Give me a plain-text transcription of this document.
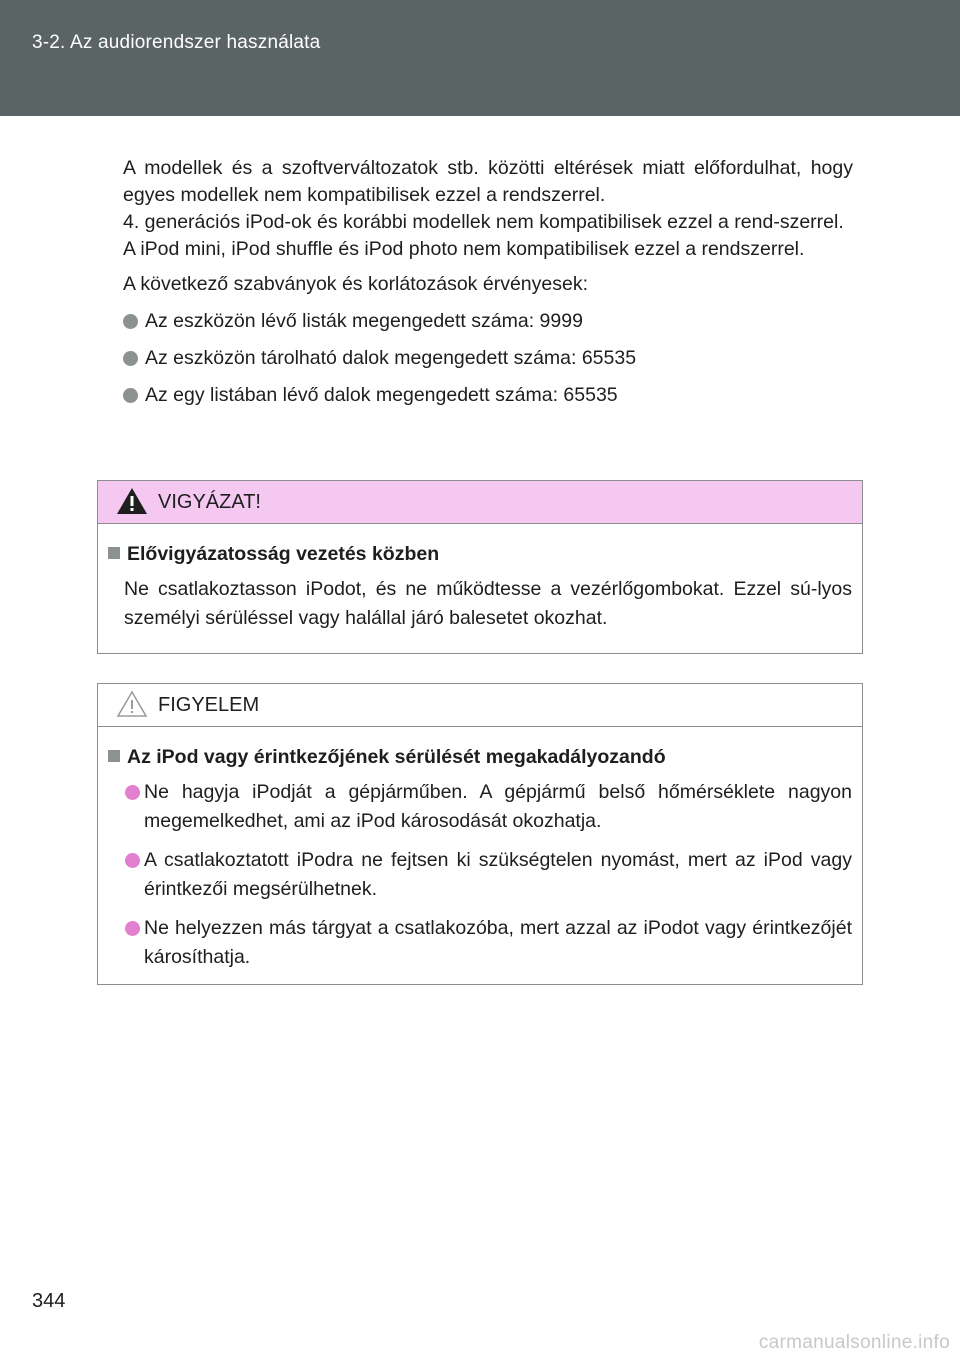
3-2. Az audiorendszer használata

A modellek és a szoftverváltozatok stb. közötti eltérések miatt előfordulhat, hogy egyes modellek nem kompatibilisek ezzel a rendszerrel.

4. generációs iPod-ok és korábbi modellek nem kompatibilisek ezzel a rend-szerrel.

A iPod mini, iPod shuffle és iPod photo nem kompatibilisek ezzel a rendszerrel.

A következő szabványok és korlátozások érvényesek:

Az eszközön lévő listák megengedett száma: 9999
Az eszközön tárolható dalok megengedett száma: 65535
Az egy listában lévő dalok megengedett száma: 65535
VIGYÁZAT!
Elővigyázatosság vezetés közben
Ne csatlakoztasson iPodot, és ne működtesse a vezérlőgombokat. Ezzel sú-lyos személyi sérüléssel vagy halállal járó balesetet okozhat.
FIGYELEM
Az iPod vagy érintkezőjének sérülését megakadályozandó
Ne hagyja iPodját a gépjárműben. A gépjármű belső hőmérséklete nagyon megemelkedhet, ami az iPod károsodását okozhatja.
A csatlakoztatott iPodra ne fejtsen ki szükségtelen nyomást, mert az iPod vagy érintkezői megsérülhetnek.
Ne helyezzen más tárgyat a csatlakozóba, mert azzal az iPodot vagy érintkezőjét károsíthatja.
344
carmanualsonline.info
